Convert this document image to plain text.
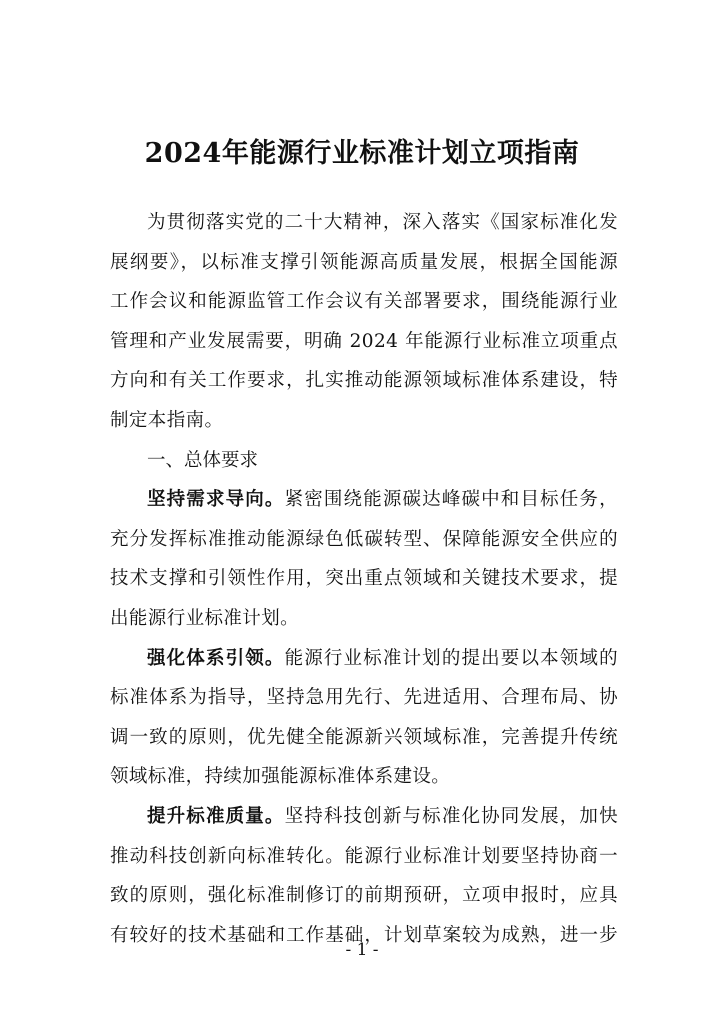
2024年能源行业标准计划立项指南

为贯彻落实党的二十大精神，深入落实《国家标准化发
展纲要》，以标准支撑引领能源高质量发展，根据全国能源
工作会议和能源监管工作会议有关部署要求，围绕能源行业
管理和产业发展需要，明确 2024 年能源行业标准立项重点
方向和有关工作要求，扎实推动能源领域标准体系建设，特
制定本指南。

一、总体要求

坚持需求导向。紧密围绕能源碳达峰碳中和目标任务，
充分发挥标准推动能源绿色低碳转型、保障能源安全供应的
技术支撑和引领性作用，突出重点领域和关键技术要求，提
出能源行业标准计划。

强化体系引领。能源行业标准计划的提出要以本领域的
标准体系为指导，坚持急用先行、先进适用、合理布局、协
调一致的原则，优先健全能源新兴领域标准，完善提升传统
领域标准，持续加强能源标准体系建设。

提升标准质量。坚持科技创新与标准化协同发展，加快
推动科技创新向标准转化。能源行业标准计划要坚持协商一
致的原则，强化标准制修订的前期预研，立项申报时，应具
有较好的技术基础和工作基础，计划草案较为成熟，进一步

- 1 -
